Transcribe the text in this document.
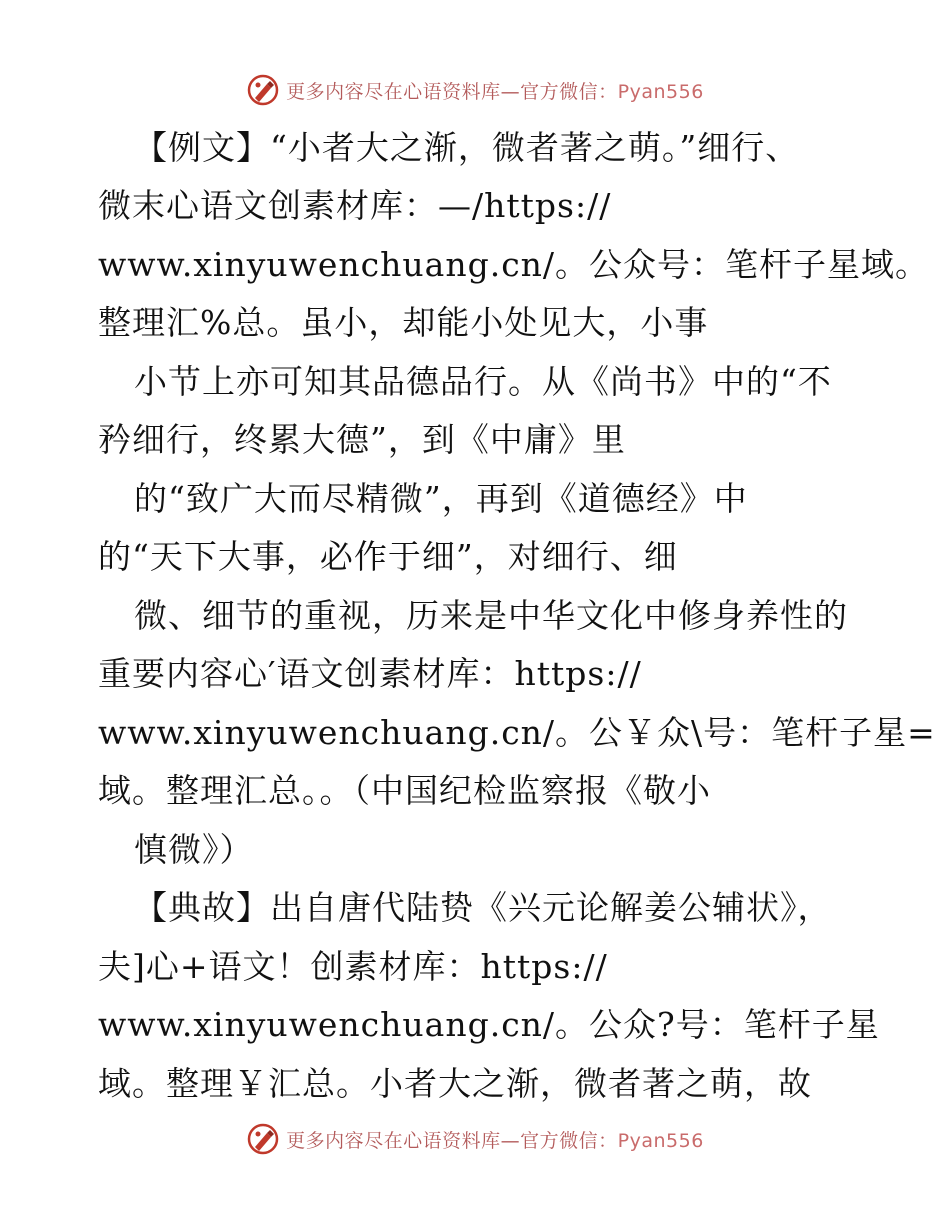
更多内容尽在心语资料库—官方微信：Pyan556
【例文】“小者大之渐，微者著之萌。”细行、
微末心语文创素材库：—/https://
www.xinyuwenchuang.cn/。公众号：笔杆子星域。
整理汇%总。虽小，却能小处见大，小事
小节上亦可知其品德品行。从《尚书》中的“不
矜细行，终累大德”，到《中庸》里
的“致广大而尽精微”，再到《道德经》中
的“天下大事，必作于细”，对细行、细
微、细节的重视，历来是中华文化中修身养性的
重要内容心′语文创素材库：https://
www.xinyuwenchuang.cn/。公￥众\号：笔杆子星=
域。整理汇总。。（中国纪检监察报《敬小
慎微》）
【典故】出自唐代陆贽《兴元论解姜公辅状》，
夫]心+语文！创素材库：https://
www.xinyuwenchuang.cn/。公众?号：笔杆子星
域。整理￥汇总。小者大之渐，微者著之萌，故
更多内容尽在心语资料库—官方微信：Pyan556
